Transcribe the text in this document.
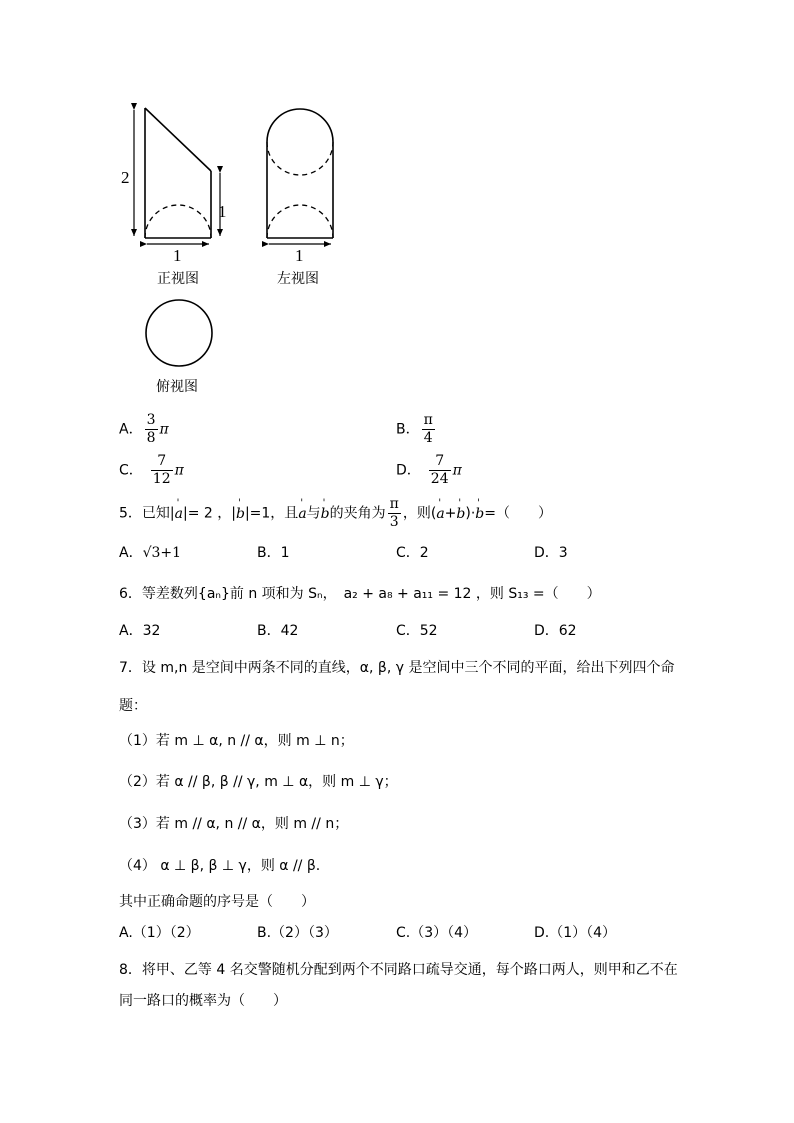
2
1
1
正视图
1
左视图
俯视图
A． $\frac{3}{8}$ π	B． $\frac{\pi}{4}$
C． $\frac{7}{12}$ π	D． $\frac{7}{24}$ π
5．已知|' a|= 2 ，|' b|=1，且' a与' b的夹角为 $\frac{\pi}{3}$ ，则(' a+' b)·' b=（　　）
A．√3+1	B．1	C．2	D．3
6．等差数列{aₙ}前 n 项和为 Sₙ，　a₂ + a₈ + a₁₁ = 12 ，则 S₁₃ =（　　）
A．32	B．42	C．52	D．62
7．设 m,n 是空间中两条不同的直线，α, β, γ 是空间中三个不同的平面，给出下列四个命
题：
（1）若 m ⊥ α, n // α，则 m ⊥ n；
（2）若 α // β, β // γ, m ⊥ α，则 m ⊥ γ；
（3）若 m // α, n // α，则 m // n；
（4） α ⊥ β, β ⊥ γ，则 α // β.
其中正确命题的序号是（　　）
A.（1）（2）	B.（2）（3）	C.（3）（4）	D.（1）（4）
8．将甲、乙等 4 名交警随机分配到两个不同路口疏导交通，每个路口两人，则甲和乙不在
同一路口的概率为（　　）
